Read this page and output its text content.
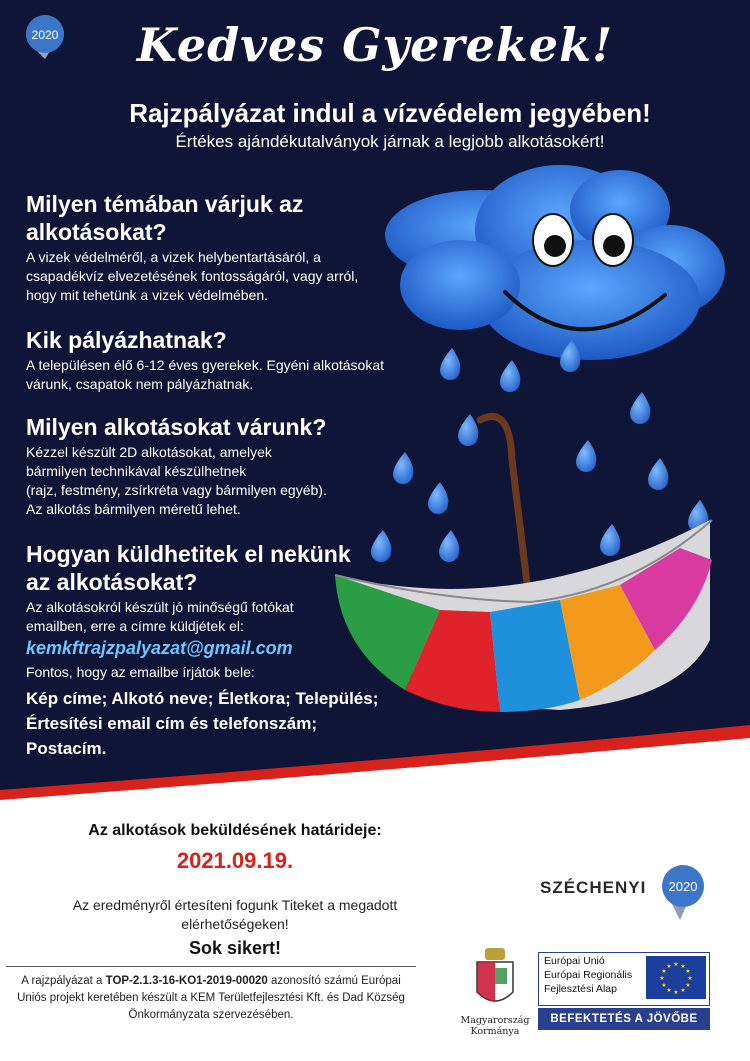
2020	Kedves Gyerekek!
Rajzpályázat indul a vízvédelem jegyében!
Értékes ajándékutalványok járnak a legjobb alkotásokért!
Milyen témában várjuk az alkotásokat?

A vizek védelméről, a vizek helybentartásáról, a csapadékvíz elvezetésének fontosságáról, vagy arról, hogy mit tehetünk a vizek védelmében.

Kik pályázhatnak?

A településen élő 6-12 éves gyerekek. Egyéni alkotásokat várunk, csapatok nem pályázhatnak.

Milyen alkotásokat várunk?

Kézzel készült 2D alkotásokat, amelyek
bármilyen technikával készülhetnek
(rajz, festmény, zsírkréta vagy bármilyen egyéb).
Az alkotás bármilyen méretű lehet.

Hogyan küldhetitek el nekünk az alkotásokat?

Az alkotásokról készült jó minőségű fotókat emailben, erre a címre küldjétek el:

kemkftrajzpalyazat@gmail.com
Fontos, hogy az emailbe írjátok bele:
Kép címe; Alkotó neve; Életkora; Település; Értesítési email cím és telefonszám; Postacím.
Az alkotások beküldésének határideje:
2021.09.19.
Az eredményről értesíteni fogunk Titeket a megadott elérhetőségeken!
Sok sikert!
A rajzpályázat a TOP-2.1.3-16-KO1-2019-00020 azonosító számú Európai Uniós projekt keretében készült a KEM Területfejlesztési Kft. és Dad Község Önkormányzata szervezésében.
SZÉCHENYI 2020
Magyarország
Kormánya
Európai Unió
Európai Regionális
Fejlesztési Alap
★ ★
★
★
★
★
★
★
★
★
★
★
BEFEKTETÉS A JÖVŐBE
